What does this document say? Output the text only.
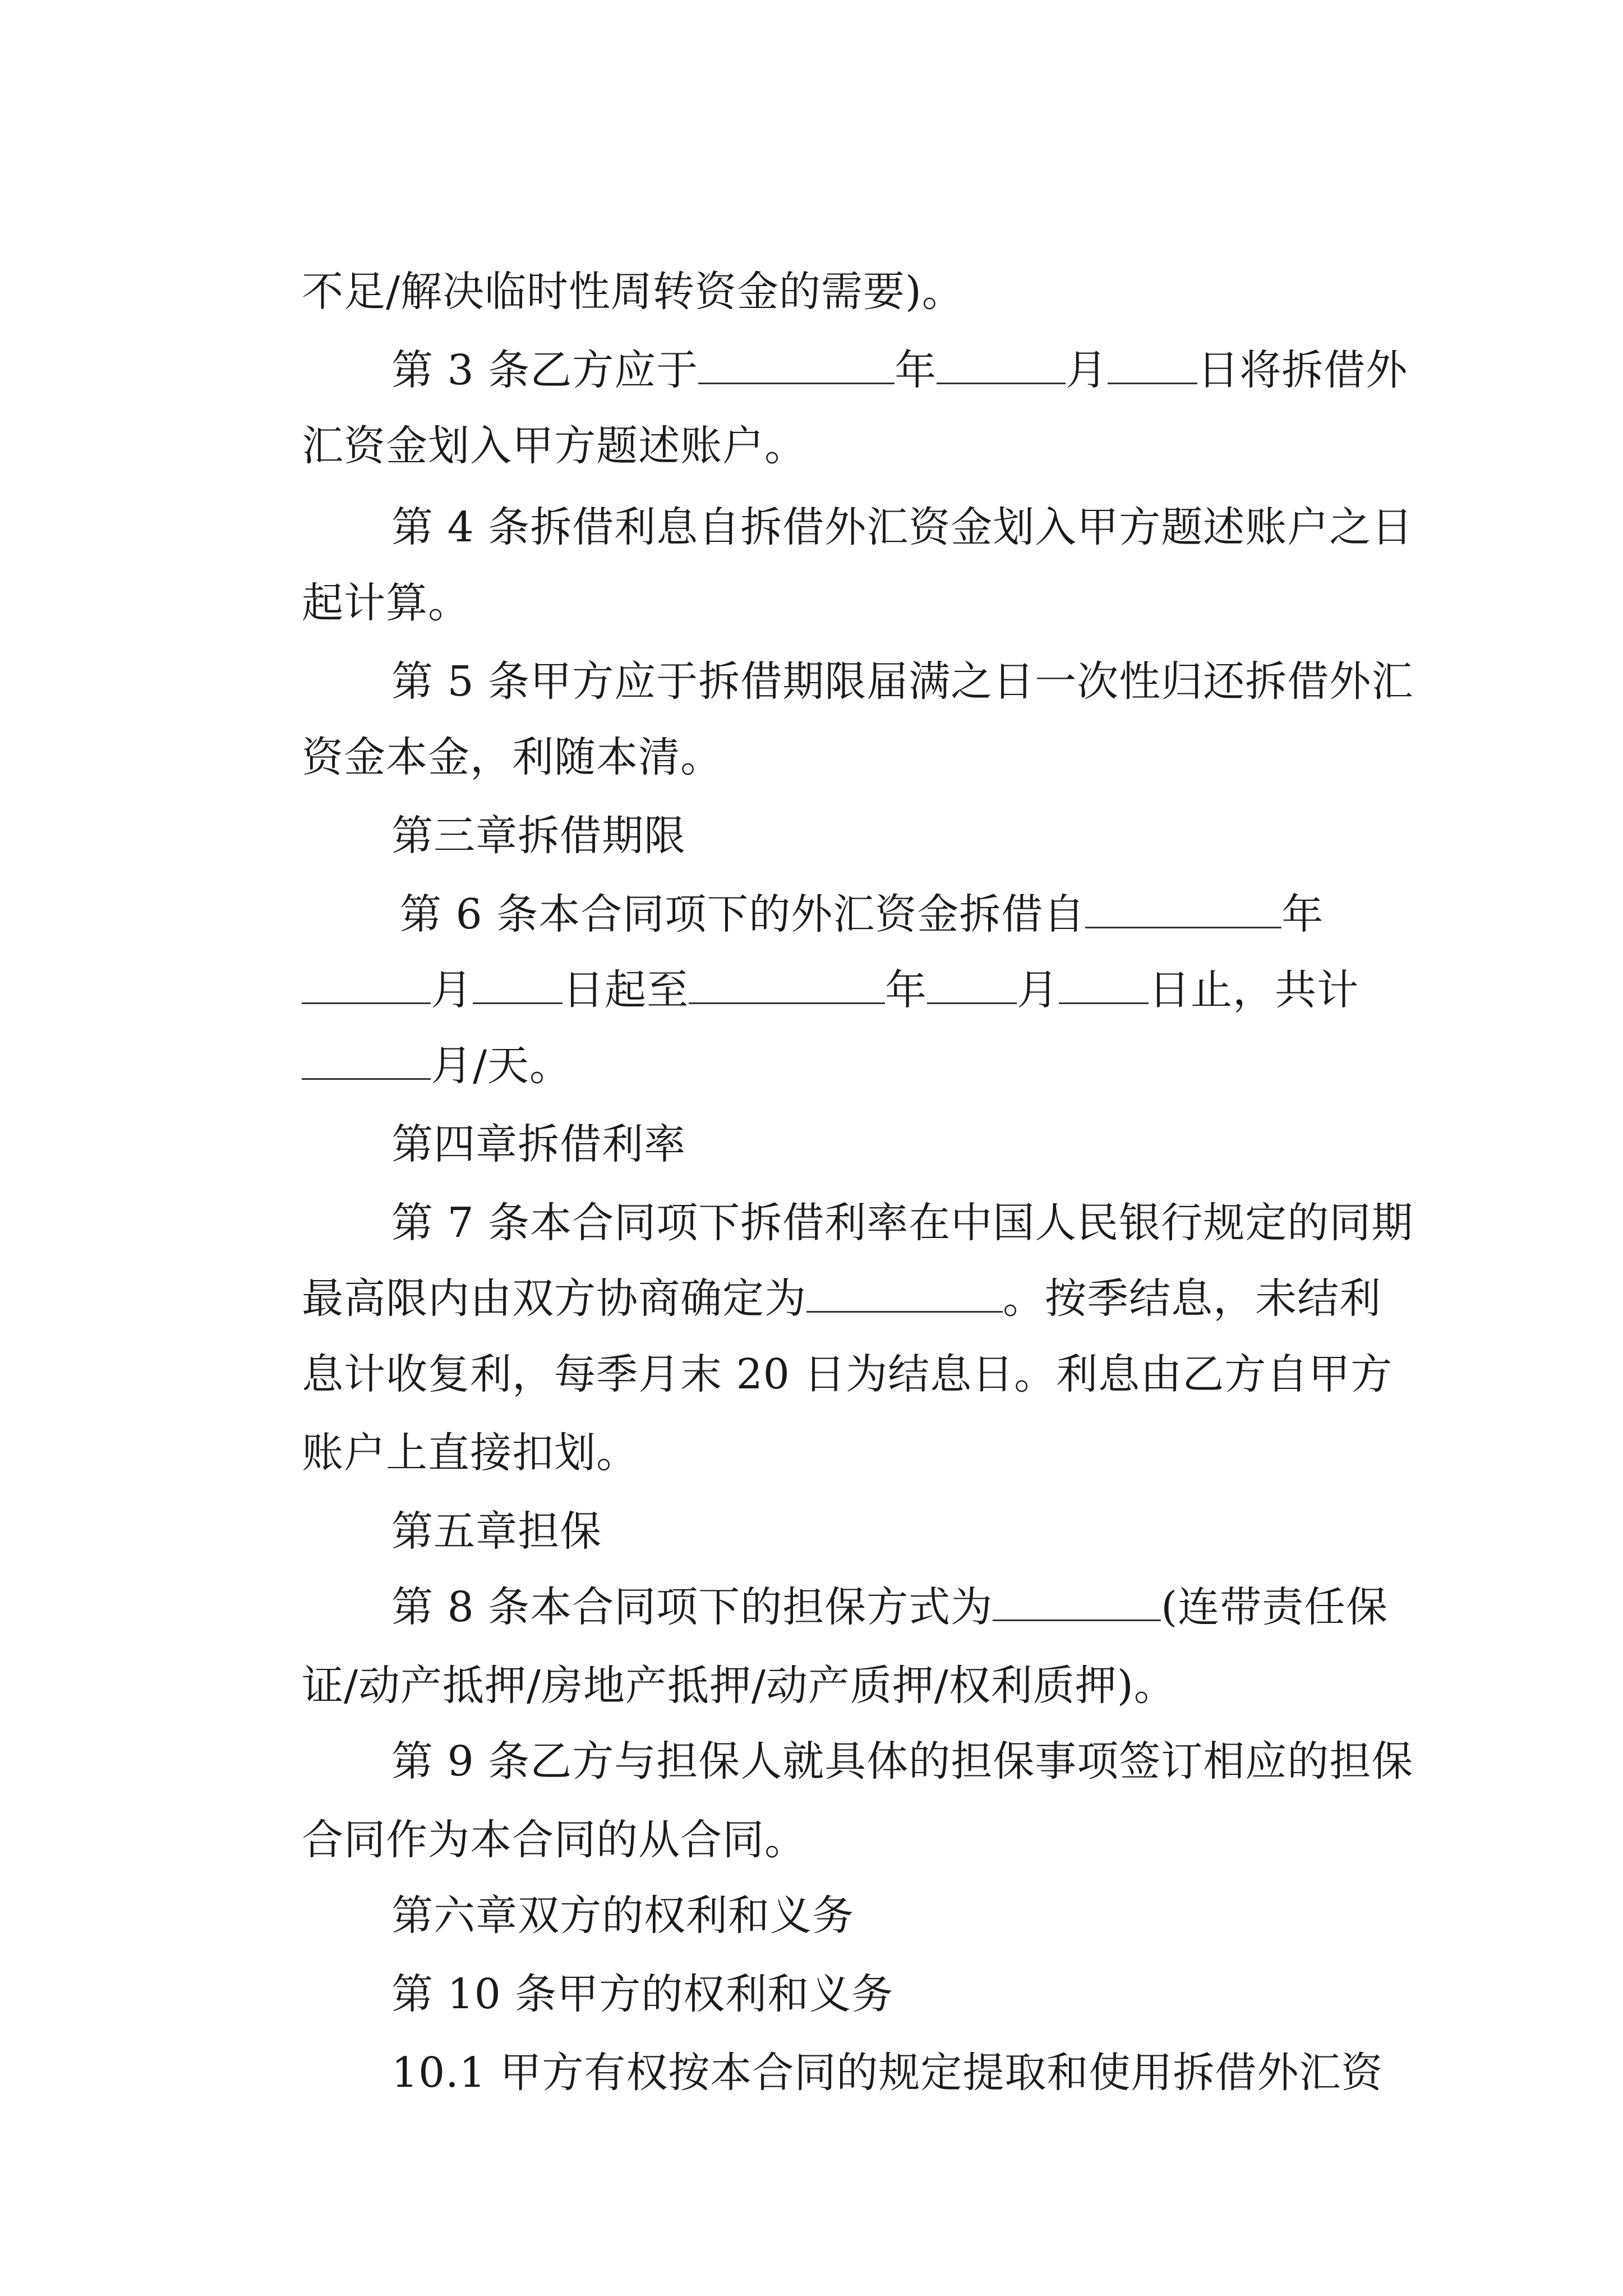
不足/解决临时性周转资金的需要)。

第 3 条乙方应于	年	月 日将拆借外

汇资金划入甲方题述账户。

第 4 条拆借利息自拆借外汇资金划入甲方题述账户之日

起计算。

第 5 条甲方应于拆借期限届满之日一次性归还拆借外汇

资金本金，利随本清。

第三章拆借期限

第 6 条本合同项下的外汇资金拆借自	年

月 日起至	年 月 日止，共计

月/天。

第四章拆借利率

第 7 条本合同项下拆借利率在中国人民银行规定的同期

最高限内由双方协商确定为	。按季结息，未结利

息计收复利，每季月末 20 日为结息日。利息由乙方自甲方

账户上直接扣划。

第五章担保

第 8 条本合同项下的担保方式为	(连带责任保

证/动产抵押/房地产抵押/动产质押/权利质押)。

第 9 条乙方与担保人就具体的担保事项签订相应的担保

合同作为本合同的从合同。

第六章双方的权利和义务

第 10 条甲方的权利和义务

10.1 甲方有权按本合同的规定提取和使用拆借外汇资
